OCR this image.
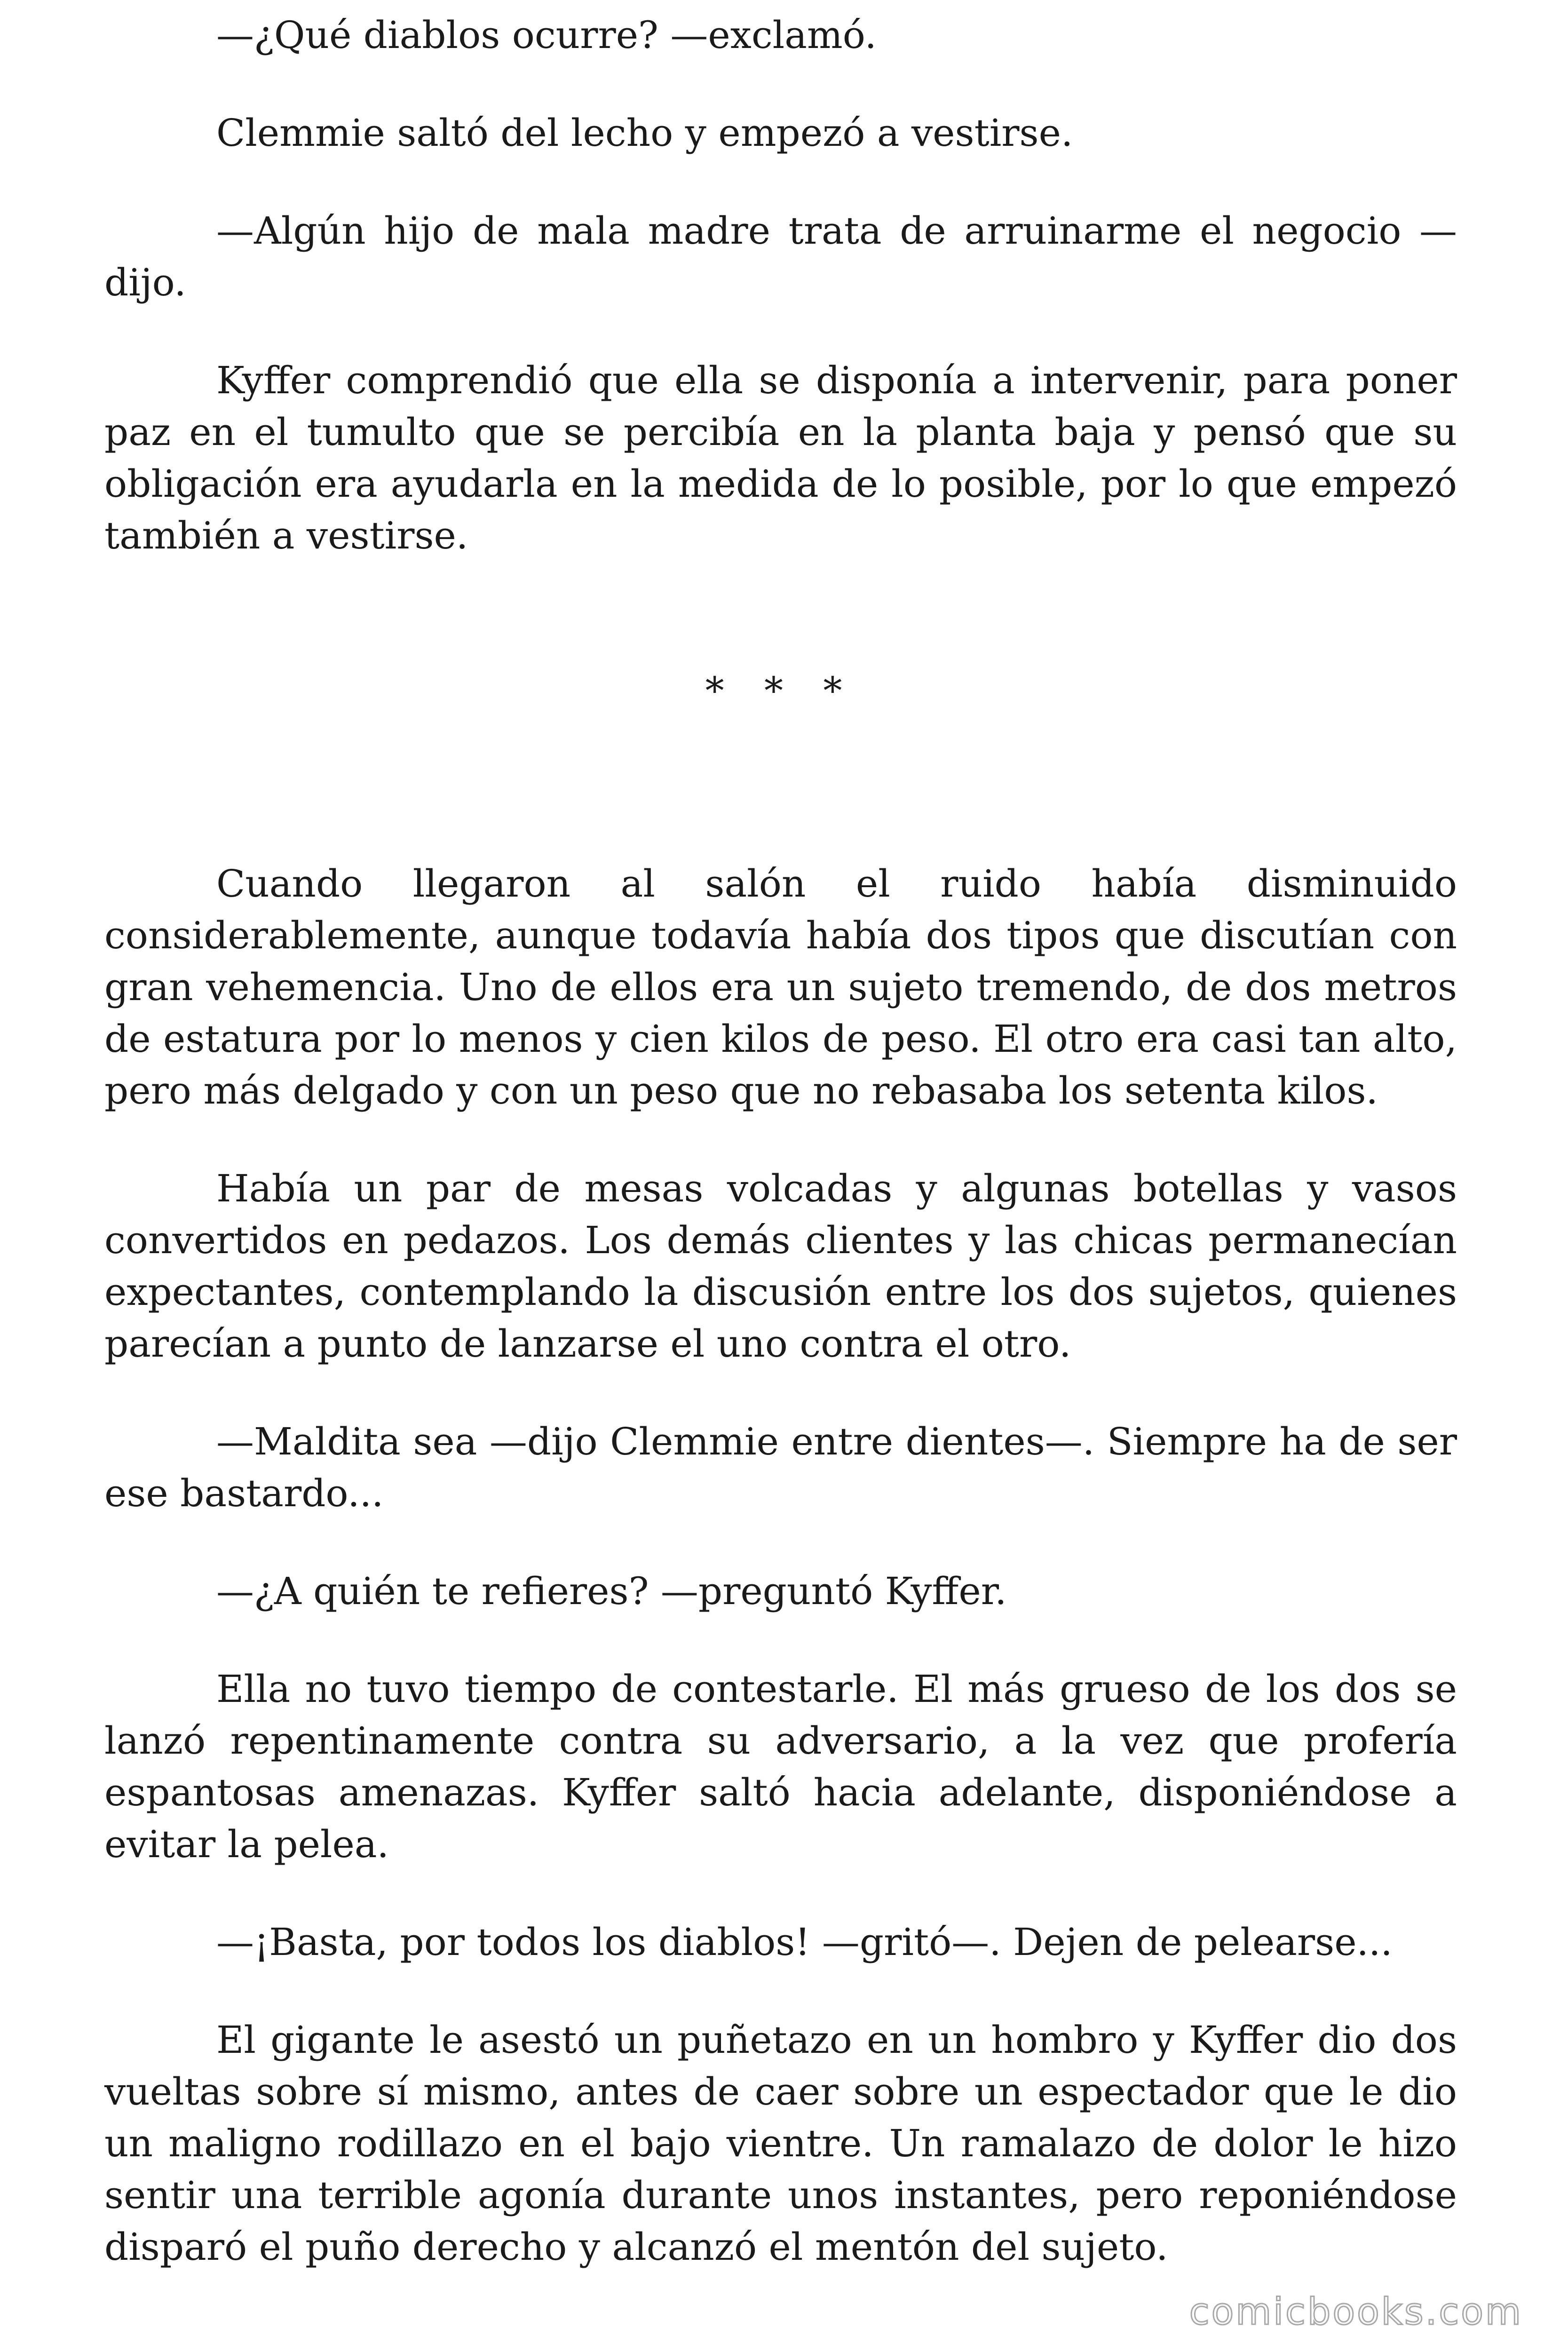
—¿Qué diablos ocurre? —exclamó.

Clemmie saltó del lecho y empezó a vestirse.

—Algún hijo de mala madre trata de arruinarme el negocio — dijo.

Kyffer comprendió que ella se disponía a intervenir, para poner paz en el tumulto que se percibía en la planta baja y pensó que su obligación era ayudarla en la medida de lo posible, por lo que empezó también a vestirse.

* * *

Cuando llegaron al salón el ruido había disminuido considerablemente, aunque todavía había dos tipos que discutían con gran vehemencia. Uno de ellos era un sujeto tremendo, de dos metros de estatura por lo menos y cien kilos de peso. El otro era casi tan alto, pero más delgado y con un peso que no rebasaba los setenta kilos.

Había un par de mesas volcadas y algunas botellas y vasos convertidos en pedazos. Los demás clientes y las chicas permanecían expectantes, contemplando la discusión entre los dos sujetos, quienes parecían a punto de lanzarse el uno contra el otro.

—Maldita sea —dijo Clemmie entre dientes—. Siempre ha de ser ese bastardo...

—¿A quién te refieres? —preguntó Kyffer.

Ella no tuvo tiempo de contestarle. El más grueso de los dos se lanzó repentinamente contra su adversario, a la vez que profería espantosas amenazas. Kyffer saltó hacia adelante, disponiéndose a evitar la pelea.

—¡Basta, por todos los diablos! —gritó—. Dejen de pelearse...

El gigante le asestó un puñetazo en un hombro y Kyffer dio dos vueltas sobre sí mismo, antes de caer sobre un espectador que le dio un maligno rodillazo en el bajo vientre. Un ramalazo de dolor le hizo sentir una terrible agonía durante unos instantes, pero reponiéndose disparó el puño derecho y alcanzó el mentón del sujeto.

comicbooks.com
